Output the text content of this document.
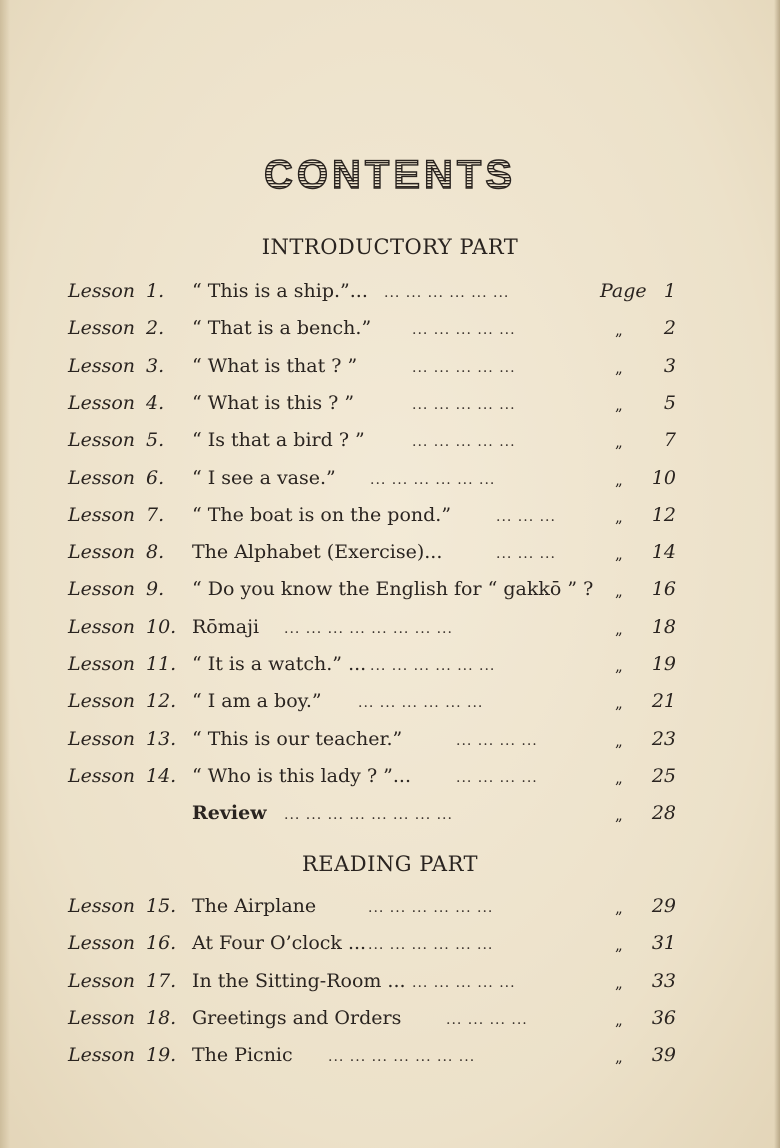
CONTENTS
INTRODUCTORY PART
Lesson 1. “ This is a ship.”... ... ... ... ... ... ...	Page 1
Lesson 2. “ That is a bench.”	... ... ... ... ...	„ 2
Lesson 3. “ What is that ? ”	... ... ... ... ...	„ 3
Lesson 4. “ What is this ? ”	... ... ... ... ...	„ 5
Lesson 5. “ Is that a bird ? ”	... ... ... ... ...	„ 7
Lesson 6. “ I see a vase.” ... ... ... ... ... ...	„ 10
Lesson 7. “ The boat is on the pond.”	... ... ...	„ 12
Lesson 8. The Alphabet (Exercise)...	... ... ...	„ 14
Lesson 9. “ Do you know the English for “ gakkō ” ? „ 16
Lesson 10. Rōmaji ... ... ... ... ... ... ... ...	„ 18
Lesson 11. “ It is a watch.” ... ... ... ... ... ... ...	„ 19
Lesson 12. “ I am a boy.”	... ... ... ... ... ...	„ 21
Lesson 13. “ This is our teacher.”	... ... ... ...	„ 23
Lesson 14. “ Who is this lady ? ”...	... ... ... ...	„ 25
Review ... ... ... ... ... ... ... ...	„ 28
READING PART
Lesson 15. The Airplane	... ... ... ... ... ...	„ 29
Lesson 16. At Four O’clock ... ... ... ... ... ... ...	„ 31
Lesson 17. In the Sitting-Room ... ... ... ... ... ...	„ 33
Lesson 18. Greetings and Orders	... ... ... ...	„ 36
Lesson 19. The Picnic	... ... ... ... ... ... ...	„ 39
